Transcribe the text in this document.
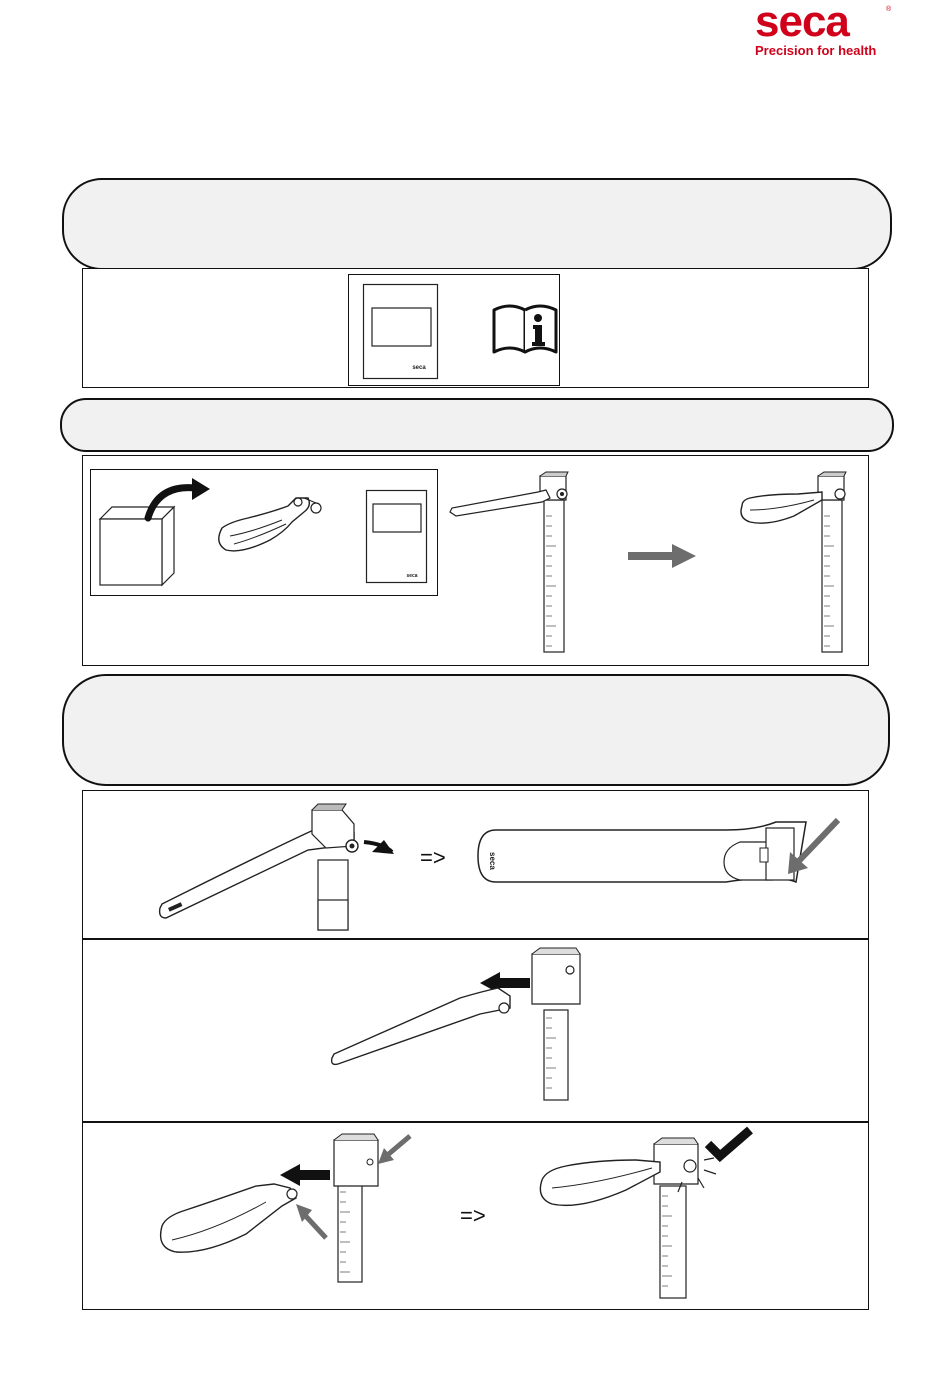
seca	®
Precision for health
seca
seca
=>	seca
=>
